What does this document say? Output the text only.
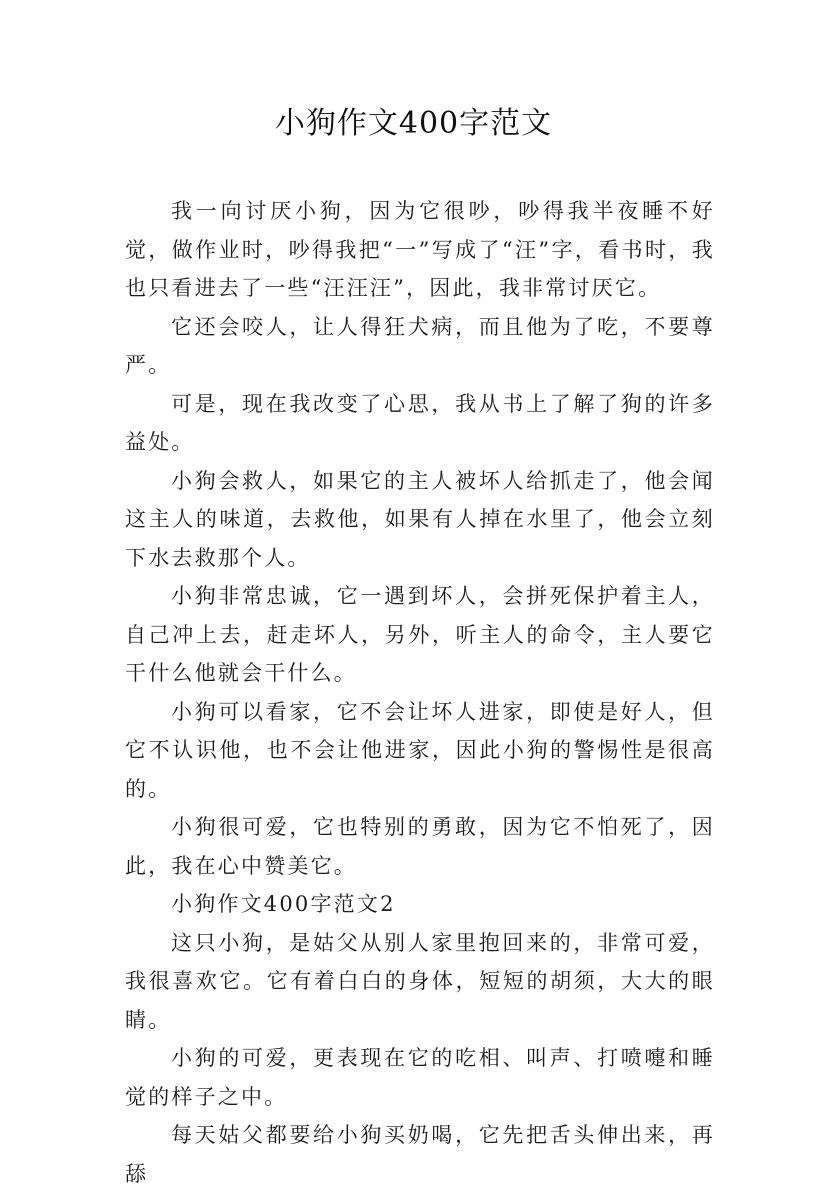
小狗作文400字范文

我一向讨厌小狗，因为它很吵，吵得我半夜睡不好觉，做作业时，吵得我把“一”写成了“汪”字，看书时，我也只看进去了一些“汪汪汪”，因此，我非常讨厌它。

它还会咬人，让人得狂犬病，而且他为了吃，不要尊严。

可是，现在我改变了心思，我从书上了解了狗的许多益处。

小狗会救人，如果它的主人被坏人给抓走了，他会闻这主人的味道，去救他，如果有人掉在水里了，他会立刻下水去救那个人。

小狗非常忠诚，它一遇到坏人，会拼死保护着主人，自己冲上去，赶走坏人，另外，听主人的命令，主人要它干什么他就会干什么。

小狗可以看家，它不会让坏人进家，即使是好人，但它不认识他，也不会让他进家，因此小狗的警惕性是很高的。

小狗很可爱，它也特别的勇敢，因为它不怕死了，因此，我在心中赞美它。

小狗作文400字范文2

这只小狗，是姑父从别人家里抱回来的，非常可爱，我很喜欢它。它有着白白的身体，短短的胡须，大大的眼睛。

小狗的可爱，更表现在它的吃相、叫声、打喷嚏和睡觉的样子之中。

每天姑父都要给小狗买奶喝，它先把舌头伸出来，再舔
